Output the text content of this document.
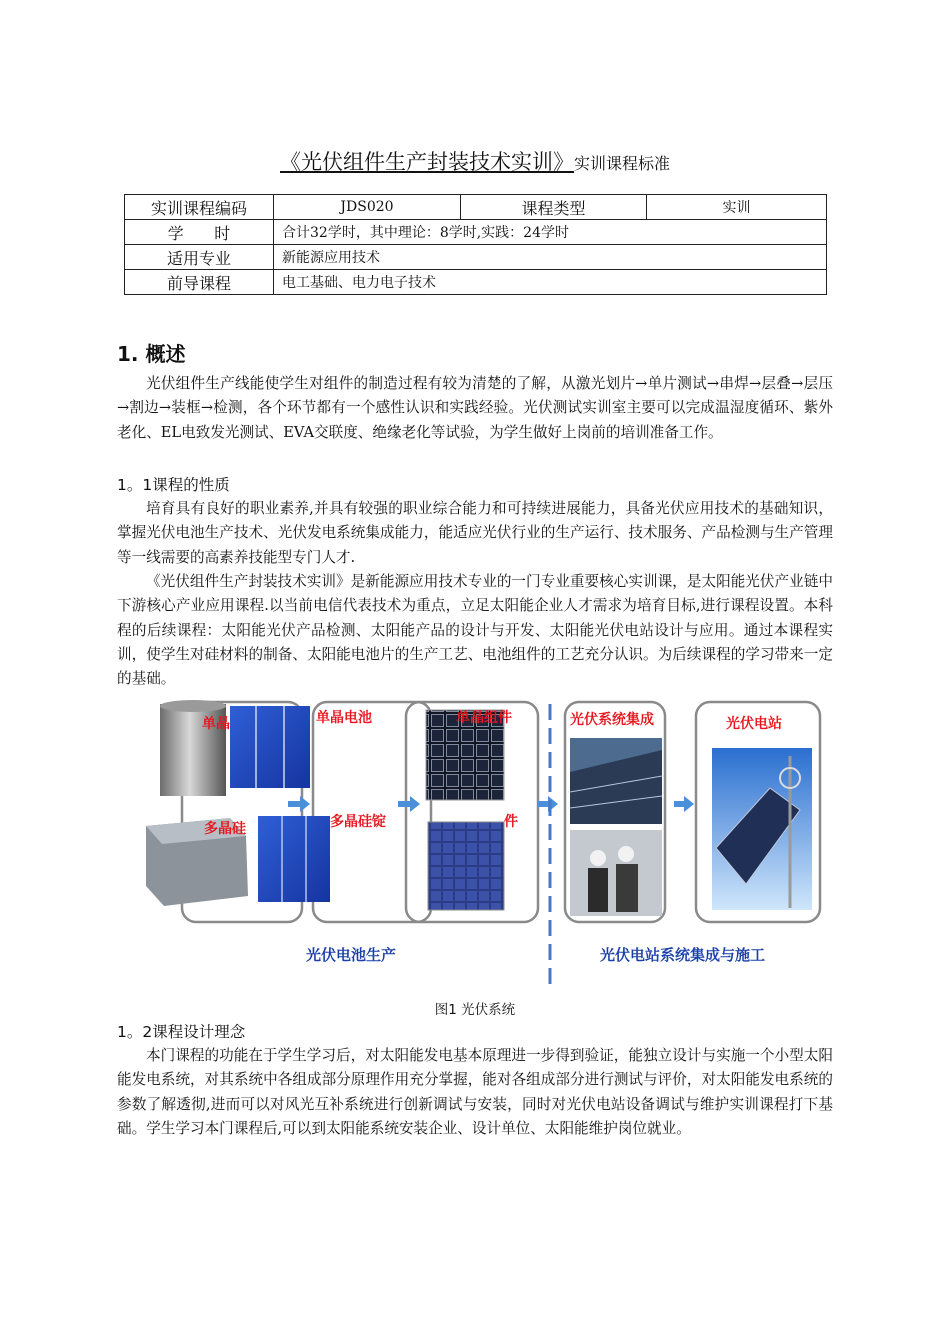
《光伏组件生产封装技术实训》实训课程标准
实训课程编码	JDS020	课程类型	实训
学      时	合计32学时，其中理论：8学时,实践：24学时		
适用专业	新能源应用技术		
前导课程	电工基础、电力电子技术		
1. 概述
光伏组件生产线能使学生对组件的制造过程有较为清楚的了解，从激光划片→单片测试→串焊→层叠→层压→割边→装框→检测，各个环节都有一个感性认识和实践经验。光伏测试实训室主要可以完成温湿度循环、紫外老化、EL电致发光测试、EVA交联度、绝缘老化等试验，为学生做好上岗前的培训准备工作。
1。1课程的性质
培育具有良好的职业素养,并具有较强的职业综合能力和可持续进展能力，具备光伏应用技术的基础知识，掌握光伏电池生产技术、光伏发电系统集成能力，能适应光伏行业的生产运行、技术服务、产品检测与生产管理等一线需要的高素养技能型专门人才.
《光伏组件生产封装技术实训》是新能源应用技术专业的一门专业重要核心实训课，是太阳能光伏产业链中下游核心产业应用课程.以当前电信代表技术为重点，立足太阳能企业人才需求为培育目标,进行课程设置。本科程的后续课程：太阳能光伏产品检测、太阳能产品的设计与开发、太阳能光伏电站设计与应用。通过本课程实训，使学生对硅材料的制备、太阳能电池片的生产工艺、电池组件的工艺充分认识。为后续课程的学习带来一定的基础。
单晶	单晶电池	单晶组件
多晶硅	多晶硅锭	件
光伏系统集成	光伏电站
光伏电池生产	光伏电站系统集成与施工
图1 光伏系统
1。2课程设计理念
本门课程的功能在于学生学习后，对太阳能发电基本原理进一步得到验证，能独立设计与实施一个小型太阳能发电系统，对其系统中各组成部分原理作用充分掌握，能对各组成部分进行测试与评价，对太阳能发电系统的参数了解透彻,进而可以对风光互补系统进行创新调试与安装，同时对光伏电站设备调试与维护实训课程打下基础。学生学习本门课程后,可以到太阳能系统安装企业、设计单位、太阳能维护岗位就业。
